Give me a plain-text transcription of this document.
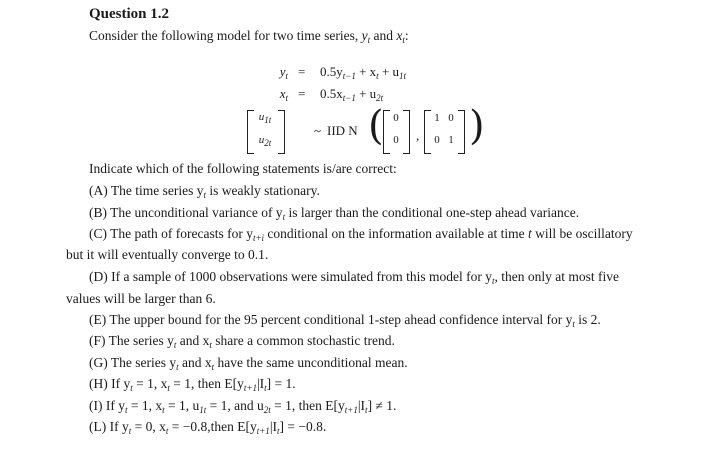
Question 1.2
Consider the following model for two time series, $y_t$ and $x_t$:
$y_t = 0.5y_{t-1} + x_t + u_{1t}$
$x_t = 0.5x_{t-1} + u_{2t}$
$u_{1t}$
$u_{2t}$
~ IID N ( 0
0	,
1 0
0 1 )
Indicate which of the following statements is/are correct:
(A) The time series $y_t$ is weakly stationary.
(B) The unconditional variance of $y_t$ is larger than the conditional one-step ahead variance.
(C) The path of forecasts for $y_{t+i}$ conditional on the information available at time t will be oscillatory
but it will eventually converge to 0.1.
(D) If a sample of 1000 observations were simulated from this model for $y_t$, then only at most five
values will be larger than 6.
(E) The upper bound for the 95 percent conditional 1-step ahead confidence interval for $y_t$ is 2.
(F) The series $y_t$ and $x_t$ share a common stochastic trend.
(G) The series $y_t$ and $x_t$ have the same unconditional mean.
(H) If $y_t = 1$, $x_t = 1$, then $E[y_{t+1}|I_t] = 1$.
(I) If $y_t = 1$, $x_t = 1$, $u_{1t} = 1$, and $u_{2t} = 1$, then $E[y_{t+1}|I_t] \ne 1$.
(L) If $y_t = 0$, $x_t$ = −0.8,then $E[y_{t+1}|I_t] = -0.8$.
